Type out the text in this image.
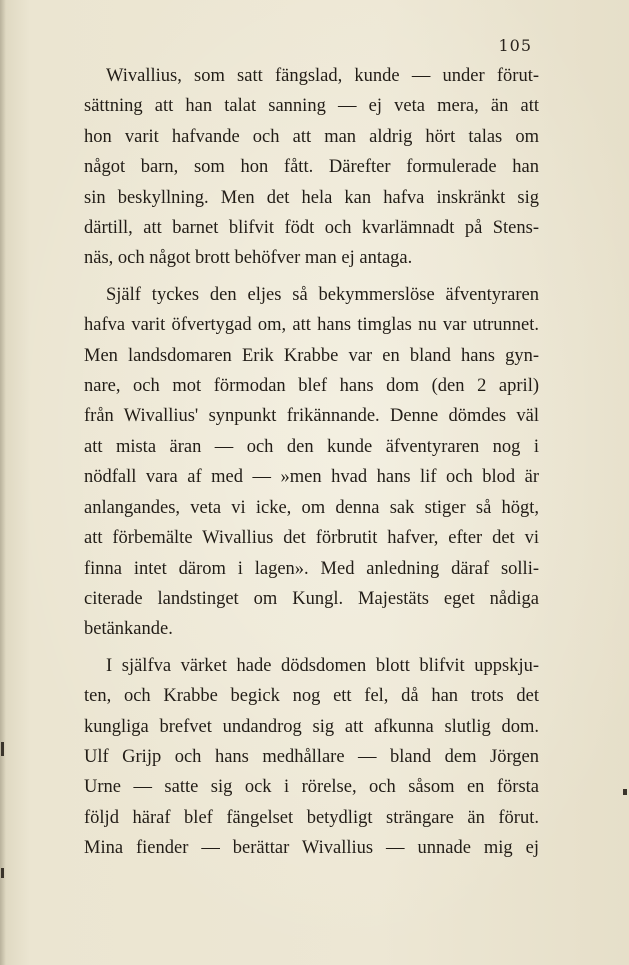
105

Wivallius, som satt fängslad, kunde — under förut-
sättning att han talat sanning — ej veta mera, än att
hon varit hafvande och att man aldrig hört talas om
något barn, som hon fått. Därefter formulerade han
sin beskyllning. Men det hela kan hafva inskränkt sig
därtill, att barnet blifvit födt och kvarlämnadt på Stens-
näs, och något brott behöfver man ej antaga.

Själf tyckes den eljes så bekymmerslöse äfventyraren
hafva varit öfvertygad om, att hans timglas nu var utrunnet.
Men landsdomaren Erik Krabbe var en bland hans gyn-
nare, och mot förmodan blef hans dom (den 2 april)
från Wivallius' synpunkt frikännande. Denne dömdes väl
att mista äran — och den kunde äfventyraren nog i
nödfall vara af med — »men hvad hans lif och blod är
anlangandes, veta vi icke, om denna sak stiger så högt,
att förbemälte Wivallius det förbrutit hafver, efter det vi
finna intet därom i lagen». Med anledning däraf solli-
citerade landstinget om Kungl. Majestäts eget nådiga
betänkande.

I själfva värket hade dödsdomen blott blifvit uppskju-
ten, och Krabbe begick nog ett fel, då han trots det
kungliga brefvet undandrog sig att afkunna slutlig dom.
Ulf Grijp och hans medhållare — bland dem Jörgen
Urne — satte sig ock i rörelse, och såsom en första
följd häraf blef fängelset betydligt strängare än förut.
Mina fiender — berättar Wivallius — unnade mig ej
